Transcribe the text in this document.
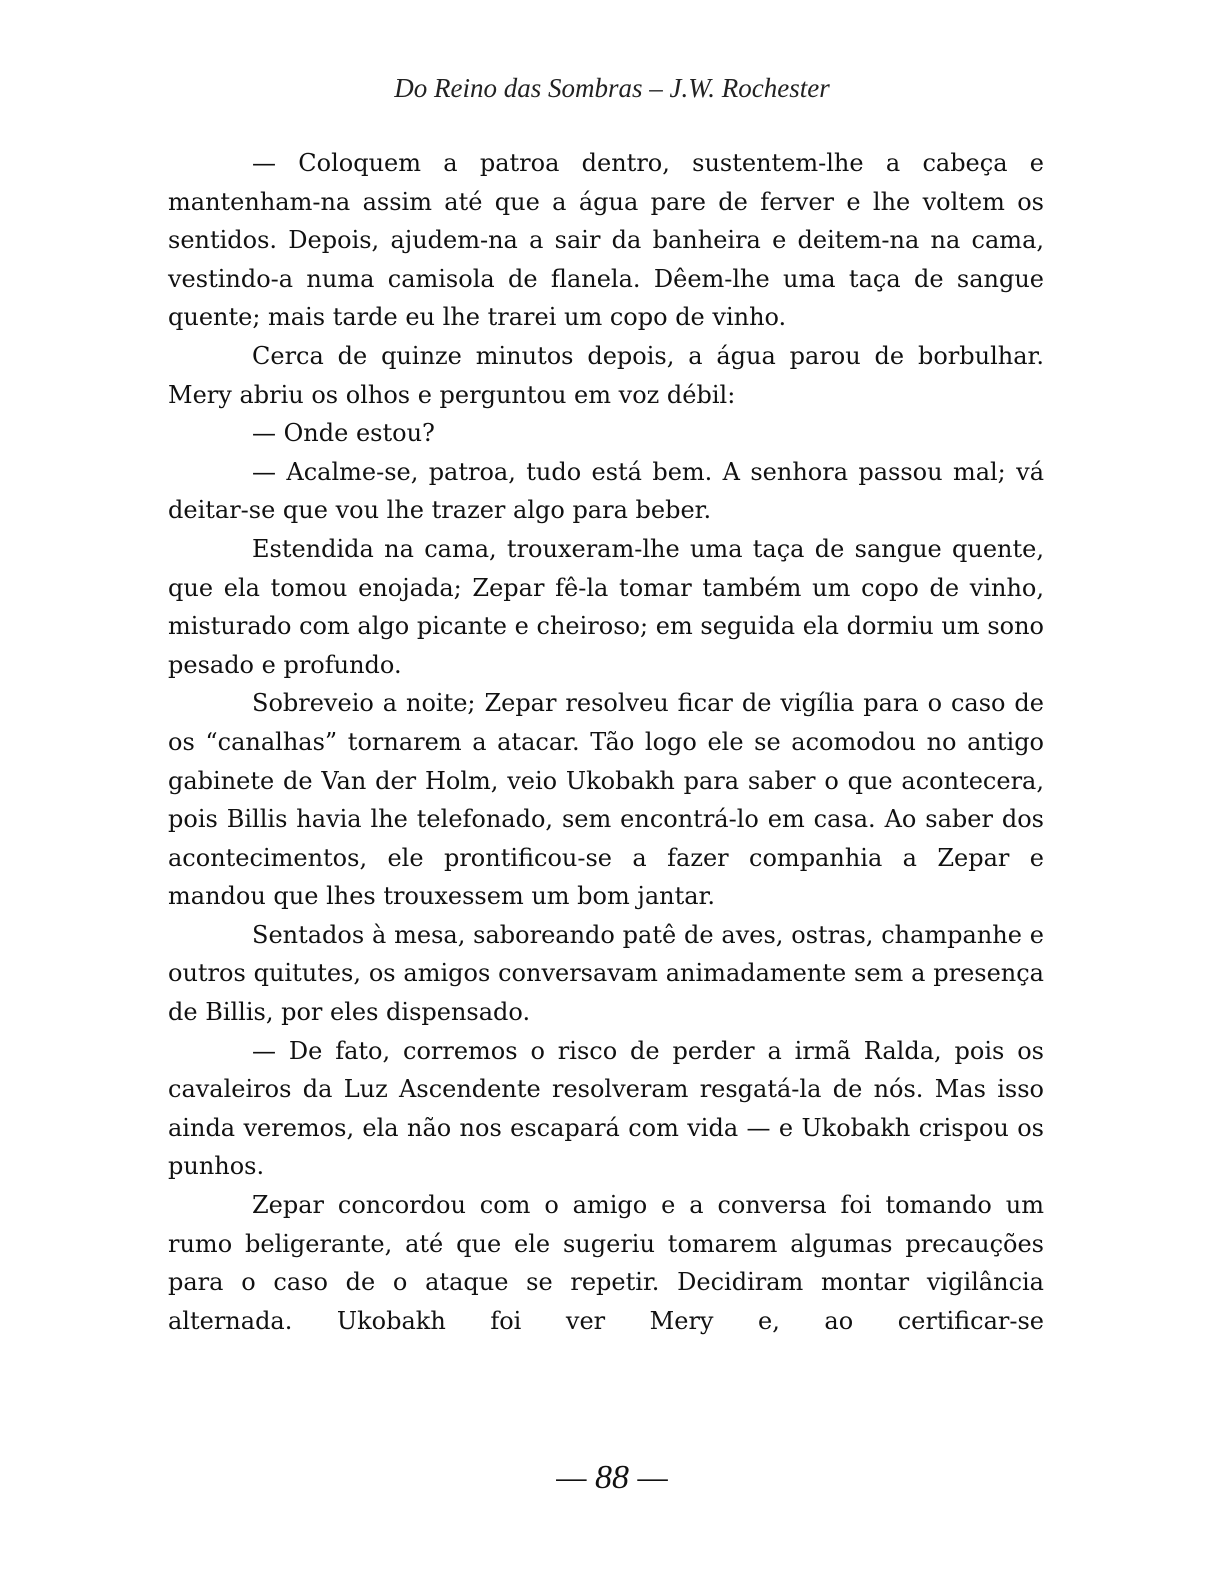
Do Reino das Sombras – J.W. Rochester

— Coloquem a patroa dentro, sustentem-lhe a cabeça e mantenham-na assim até que a água pare de ferver e lhe voltem os sentidos. Depois, ajudem-na a sair da banheira e deitem-na na cama, vestindo-a numa camisola de flanela. Dêem-lhe uma taça de sangue quente; mais tarde eu lhe trarei um copo de vinho.

Cerca de quinze minutos depois, a água parou de borbulhar. Mery abriu os olhos e perguntou em voz débil:

— Onde estou?

— Acalme-se, patroa, tudo está bem. A senhora passou mal; vá deitar-se que vou lhe trazer algo para beber.

Estendida na cama, trouxeram-lhe uma taça de sangue quente, que ela tomou enojada; Zepar fê-la tomar também um copo de vinho, misturado com algo picante e cheiroso; em seguida ela dormiu um sono pesado e profundo.

Sobreveio a noite; Zepar resolveu ficar de vigília para o caso de os “canalhas” tornarem a atacar. Tão logo ele se acomodou no antigo gabinete de Van der Holm, veio Ukobakh para saber o que acontecera, pois Billis havia lhe telefonado, sem encontrá-lo em casa. Ao saber dos acontecimentos, ele prontificou-se a fazer companhia a Zepar e mandou que lhes trouxessem um bom jantar.

Sentados à mesa, saboreando patê de aves, ostras, champanhe e outros quitutes, os amigos conversavam animadamente sem a presença de Billis, por eles dispensado.

— De fato, corremos o risco de perder a irmã Ralda, pois os cavaleiros da Luz Ascendente resolveram resgatá-la de nós. Mas isso ainda veremos, ela não nos escapará com vida — e Ukobakh crispou os punhos.

Zepar concordou com o amigo e a conversa foi tomando um rumo beligerante, até que ele sugeriu tomarem algumas precauções para o caso de o ataque se repetir. Decidiram montar vigilância alternada. Ukobakh foi ver Mery e, ao certificar-se

— 88 —
